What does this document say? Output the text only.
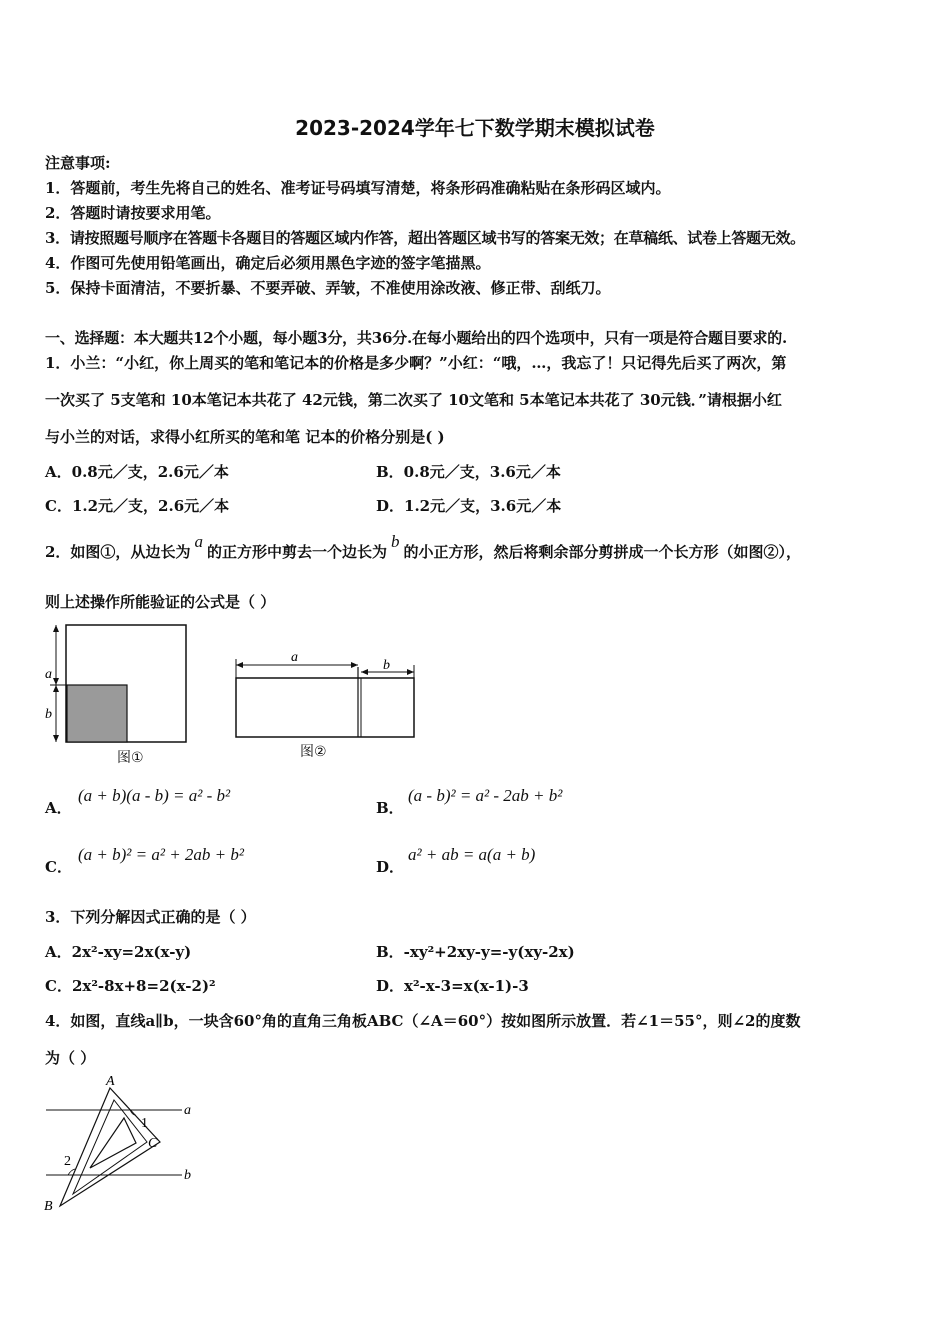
2023-2024学年七下数学期末模拟试卷
注意事项:
1．答题前，考生先将自己的姓名、准考证号码填写清楚，将条形码准确粘贴在条形码区域内。
2．答题时请按要求用笔。
3．请按照题号顺序在答题卡各题目的答题区域内作答，超出答题区域书写的答案无效；在草稿纸、试卷上答题无效。
4．作图可先使用铅笔画出，确定后必须用黑色字迹的签字笔描黑。
5．保持卡面清洁，不要折暴、不要弄破、弄皱，不准使用涂改液、修正带、刮纸刀。
一、选择题：本大题共12个小题，每小题3分，共36分.在每小题给出的四个选项中，只有一项是符合题目要求的.
1．小兰：“小红，你上周买的笔和笔记本的价格是多少啊？”小红：“哦，…，我忘了！只记得先后买了两次，第
一次买了 5支笔和 10本笔记本共花了 42元钱，第二次买了 10文笔和 5本笔记本共花了 30元钱．”请根据小红
与小兰的对话，求得小红所买的笔和笔 记本的价格分别是( )
A．0.8元／支，2.6元／本	B．0.8元／支，3.6元／本
C．1.2元／支，2.6元／本	D．1.2元／支，3.6元／本
2．如图①，从边长为a的正方形中剪去一个边长为b的小正方形，然后将剩余部分剪拼成一个长方形（如图②），
则上述操作所能验证的公式是（ ）
a
b
图①
a
b
图②
A．
(a + b)(a - b) = a² - b²
B．
(a - b)² = a² - 2ab + b²
C．
(a + b)² = a² + 2ab + b²
D．
a² + ab = a(a + b)
3．下列分解因式正确的是（ ）
A．2x²-xy=2x(x-y)	B．-xy²+2xy-y=-y(xy-2x)
C．2x²-8x+8=2(x-2)²	D．x²-x-3=x(x-1)-3
4．如图，直线a∥b，一块含60°角的直角三角板ABC（∠A＝60°）按如图所示放置．若∠1＝55°，则∠2的度数
为（ ）
A
C
B
a
b
1
2
